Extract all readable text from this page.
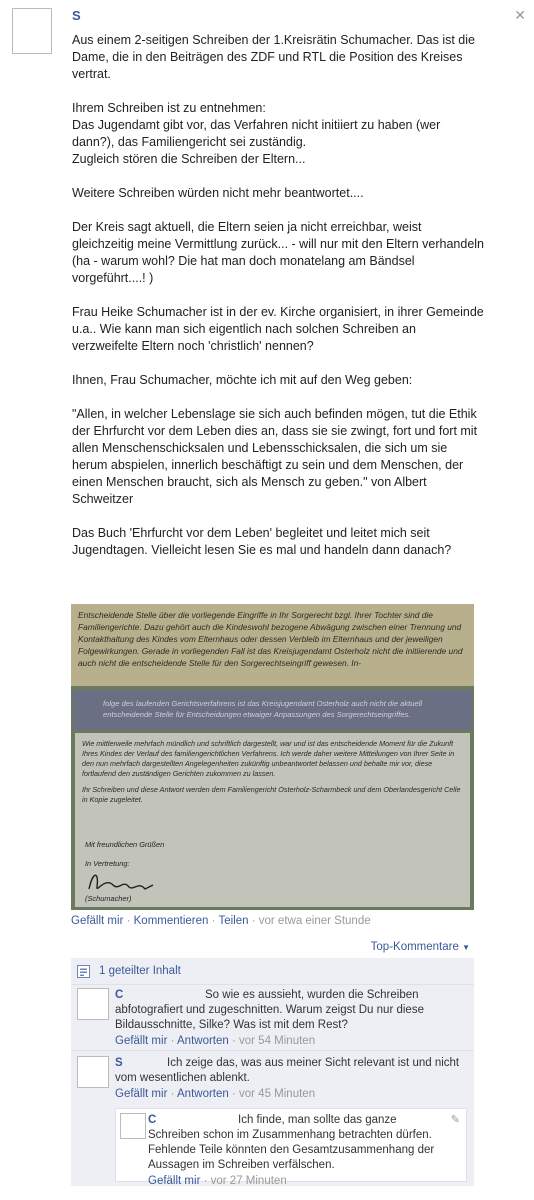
✕
S

Aus einem 2-seitigen Schreiben der 1.Kreisrätin Schumacher. Das ist die Dame, die in den Beiträgen des ZDF und RTL die Position des Kreises vertrat.

Ihrem Schreiben ist zu entnehmen:
Das Jugendamt gibt vor, das Verfahren nicht initiiert zu haben (wer dann?), das Familiengericht sei zuständig.
Zugleich stören die Schreiben der Eltern...

Weitere Schreiben würden nicht mehr beantwortet....

Der Kreis sagt aktuell, die Eltern seien ja nicht erreichbar, weist gleichzeitig meine Vermittlung zurück... - will nur mit den Eltern verhandeln (ha - warum wohl? Die hat man doch monatelang am Bändsel vorgeführt....! )

Frau Heike Schumacher ist in der ev. Kirche organisiert, in ihrer Gemeinde u.a.. Wie kann man sich eigentlich nach solchen Schreiben an verzweifelte Eltern noch 'christlich' nennen?

Ihnen, Frau Schumacher, möchte ich mit auf den Weg geben:

"Allen, in welcher Lebenslage sie sich auch befinden mögen, tut die Ethik der Ehrfurcht vor dem Leben dies an, dass sie sie zwingt, fort und fort mit allen Menschenschicksalen und Lebensschicksalen, die sich um sie herum abspielen, innerlich beschäftigt zu sein und dem Menschen, der einen Menschen braucht, sich als Mensch zu geben." von Albert Schweitzer

Das Buch 'Ehrfurcht vor dem Leben' begleitet und leitet mich seit Jugendtagen. Vielleicht lesen Sie es mal und handeln dann danach?

Entscheidende Stelle über die vorliegende Eingriffe in Ihr Sorgerecht bzgl. Ihrer Tochter sind die Familiengerichte. Dazu gehört auch die Kindeswohl bezogene Abwägung zwischen einer Trennung und Kontakthaltung des Kindes vom Elternhaus oder dessen Verbleib im Elternhaus und der jeweiligen Folgewirkungen. Gerade in vorliegenden Fall ist das Kreisjugendamt Osterholz nicht die initiierende und auch nicht die entscheidende Stelle für den Sorgerechtseingriff gewesen. In-

folge des laufenden Gerichtsverfahrens ist das Kreisjugendamt Osterholz auch nicht die aktuell entscheidende Stelle für Entscheidungen etwaiger Anpassungen des Sorgerechtseingriffes.

Wie mittlerweile mehrfach mündlich und schriftlich dargestellt, war und ist das entscheidende Moment für die Zukunft Ihres Kindes der Verlauf des familiengerichtlichen Verfahrens. Ich werde daher weitere Mitteilungen von Ihrer Seite in den nun mehrfach dargestellten Angelegenheiten zukünftig unbeantwortet belassen und behalte mir vor, diese fortlaufend den zuständigen Gerichten zukommen zu lassen.

Ihr Schreiben und diese Antwort werden dem Familiengericht Osterholz-Scharmbeck und dem Oberlandesgericht Celle in Kopie zugeleitet.

Mit freundlichen Grüßen
In Vertretung:
(Schumacher)
Gefällt mir · Kommentieren · Teilen · vor etwa einer Stunde
Top-Kommentare ▼
1 geteilter Inhalt
C	So wie es aussieht, wurden die Schreiben abfotografiert und zugeschnitten. Warum zeigst Du nur diese Bildausschnitte, Silke? Was ist mit dem Rest?
Gefällt mir · Antworten · vor 54 Minuten
S	Ich zeige das, was aus meiner Sicht relevant ist und nicht vom wesentlichen ablenkt.
Gefällt mir · Antworten · vor 45 Minuten
✎
C	Ich finde, man sollte das ganze Schreiben schon im Zusammenhang betrachten dürfen. Fehlende Teile könnten den Gesamtzusammenhang der Aussagen im Schreiben verfälschen.
Gefällt mir · vor 27 Minuten
